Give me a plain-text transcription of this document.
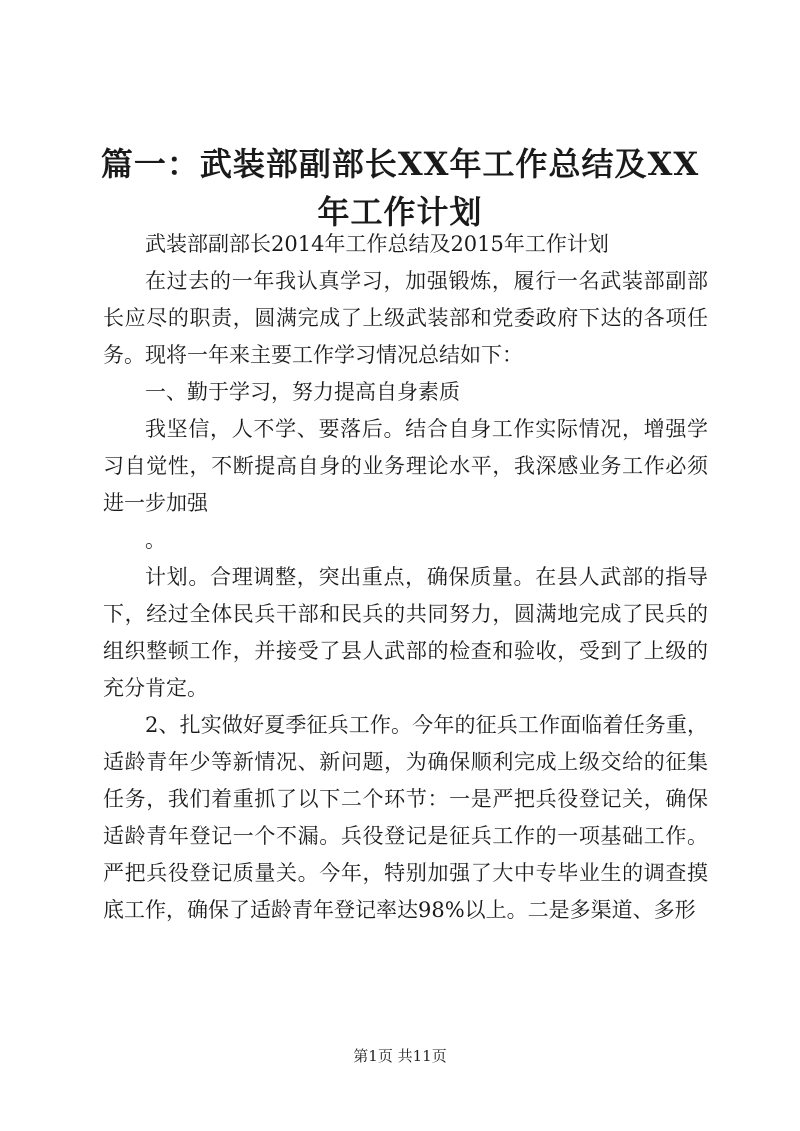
篇一：武装部副部长XX年工作总结及XX年工作计划

武装部副部长2014年工作总结及2015年工作计划

在过去的一年我认真学习，加强锻炼，履行一名武装部副部长应尽的职责，圆满完成了上级武装部和党委政府下达的各项任务。现将一年来主要工作学习情况总结如下：

一、勤于学习，努力提高自身素质

我坚信，人不学、要落后。结合自身工作实际情况，增强学习自觉性，不断提高自身的业务理论水平，我深感业务工作必须进一步加强

。

计划。合理调整，突出重点，确保质量。在县人武部的指导下，经过全体民兵干部和民兵的共同努力，圆满地完成了民兵的组织整顿工作，并接受了县人武部的检查和验收，受到了上级的充分肯定。

2、扎实做好夏季征兵工作。今年的征兵工作面临着任务重，适龄青年少等新情况、新问题，为确保顺利完成上级交给的征集任务，我们着重抓了以下二个环节：一是严把兵役登记关，确保适龄青年登记一个不漏。兵役登记是征兵工作的一项基础工作。严把兵役登记质量关。今年，特别加强了大中专毕业生的调查摸底工作，确保了适龄青年登记率达98%以上。二是多渠道、多形

第1页 共11页
